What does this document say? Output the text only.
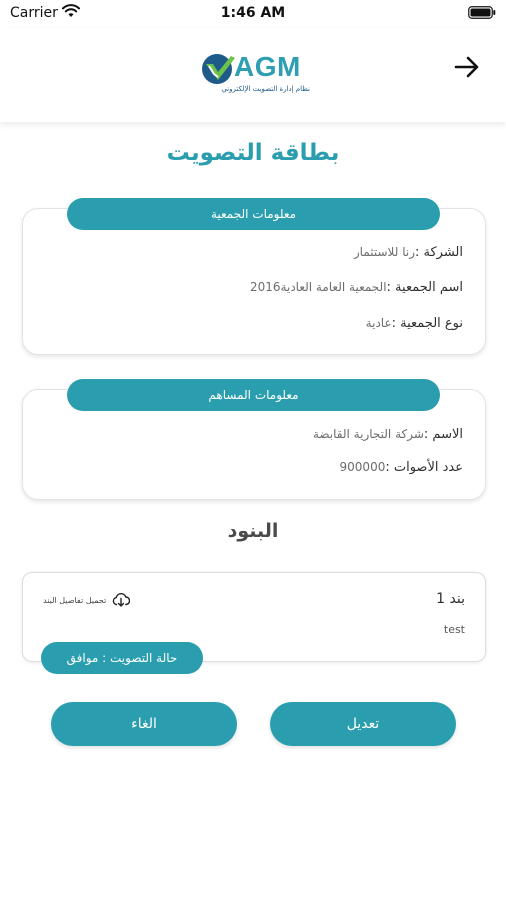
Carrier	1:46 AM
AGM
نظام إدارة التصويت الإلكتروني
بطاقة التصويت
الشركة :رنا للاستثمار
اسم الجمعية :الجمعية العامة العادية2016
نوع الجمعية :عادية
معلومات الجمعية
الاسم :شركة التجارية القابضة
عدد الأصوات :900000
معلومات المساهم
البنود
بند 1
test
تحميل تفاصيل البند
حالة التصويت : موافق
تعديل
الغاء
